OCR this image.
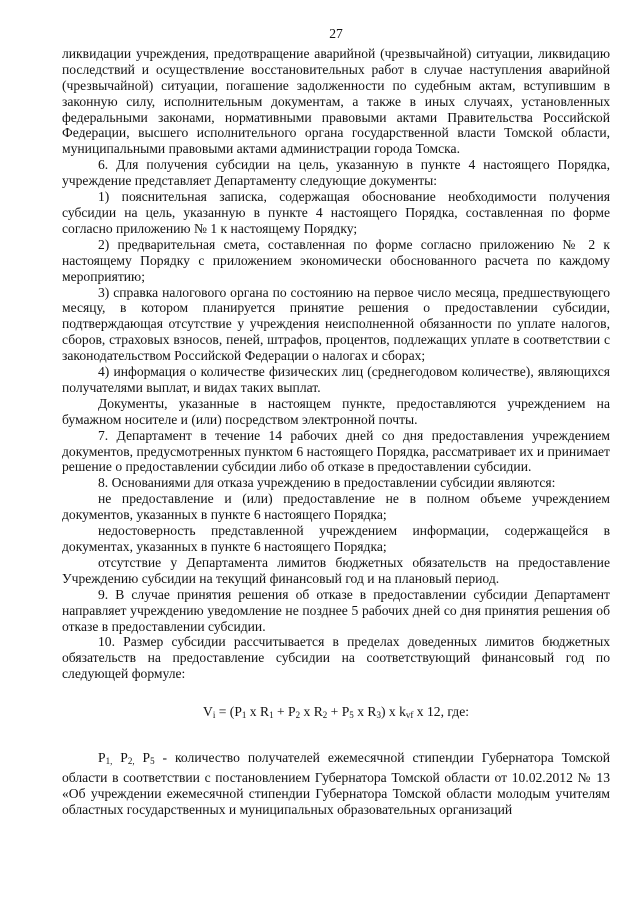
27

ликвидации учреждения, предотвращение аварийной (чрезвычайной) ситуации, ликвидацию последствий и осуществление восстановительных работ в случае наступления аварийной (чрезвычайной) ситуации, погашение задолженности по судебным актам, вступившим в законную силу, исполнительным документам, а также в иных случаях, установленных федеральными законами, нормативными правовыми актами Правительства Российской Федерации, высшего исполнительного органа государственной власти Томской области, муниципальными правовыми актами администрации города Томска.

6. Для получения субсидии на цель, указанную в пункте 4 настоящего Порядка, учреждение представляет Департаменту следующие документы:

1) пояснительная записка, содержащая обоснование необходимости получения субсидии на цель, указанную в пункте 4 настоящего Порядка, составленная по форме согласно приложению № 1 к настоящему Порядку;

2) предварительная смета, составленная по форме согласно приложению № 2 к настоящему Порядку с приложением экономически обоснованного расчета по каждому мероприятию;

3) справка налогового органа по состоянию на первое число месяца, предшествующего месяцу, в котором планируется принятие решения о предоставлении субсидии, подтверждающая отсутствие у учреждения неисполненной обязанности по уплате налогов, сборов, страховых взносов, пеней, штрафов, процентов, подлежащих уплате в соответствии с законодательством Российской Федерации о налогах и сборах;

4) информация о количестве физических лиц (среднегодовом количестве), являющихся получателями выплат, и видах таких выплат.

Документы, указанные в настоящем пункте, предоставляются учреждением на бумажном носителе и (или) посредством электронной почты.

7. Департамент в течение 14 рабочих дней со дня предоставления учреждением документов, предусмотренных пунктом 6 настоящего Порядка, рассматривает их и принимает решение о предоставлении субсидии либо об отказе в предоставлении субсидии.

8. Основаниями для отказа учреждению в предоставлении субсидии являются:

не предоставление и (или) предоставление не в полном объеме учреждением документов, указанных в пункте 6 настоящего Порядка;

недостоверность представленной учреждением информации, содержащейся в документах, указанных в пункте 6 настоящего Порядка;

отсутствие у Департамента лимитов бюджетных обязательств на предоставление Учреждению субсидии на текущий финансовый год и на плановый период.

9. В случае принятия решения об отказе в предоставлении субсидии Департамент направляет учреждению уведомление не позднее 5 рабочих дней со дня принятия решения об отказе в предоставлении субсидии.

10. Размер субсидии рассчитывается в пределах доведенных лимитов бюджетных обязательств на предоставление субсидии на соответствующий финансовый год по следующей формуле:

$V_i = (P_1$ x $R_1 + P_2$ x $R_2 + P_5$ x $R_3$) x $k_{vf}$ x 12, где:

$P_{1,}$ $P_{2,}$ $P_5$ - количество получателей ежемесячной стипендии Губернатора Томской области в соответствии с постановлением Губернатора Томской области от 10.02.2012 № 13 «Об учреждении ежемесячной стипендии Губернатора Томской области молодым учителям областных государственных и муниципальных образовательных организаций
